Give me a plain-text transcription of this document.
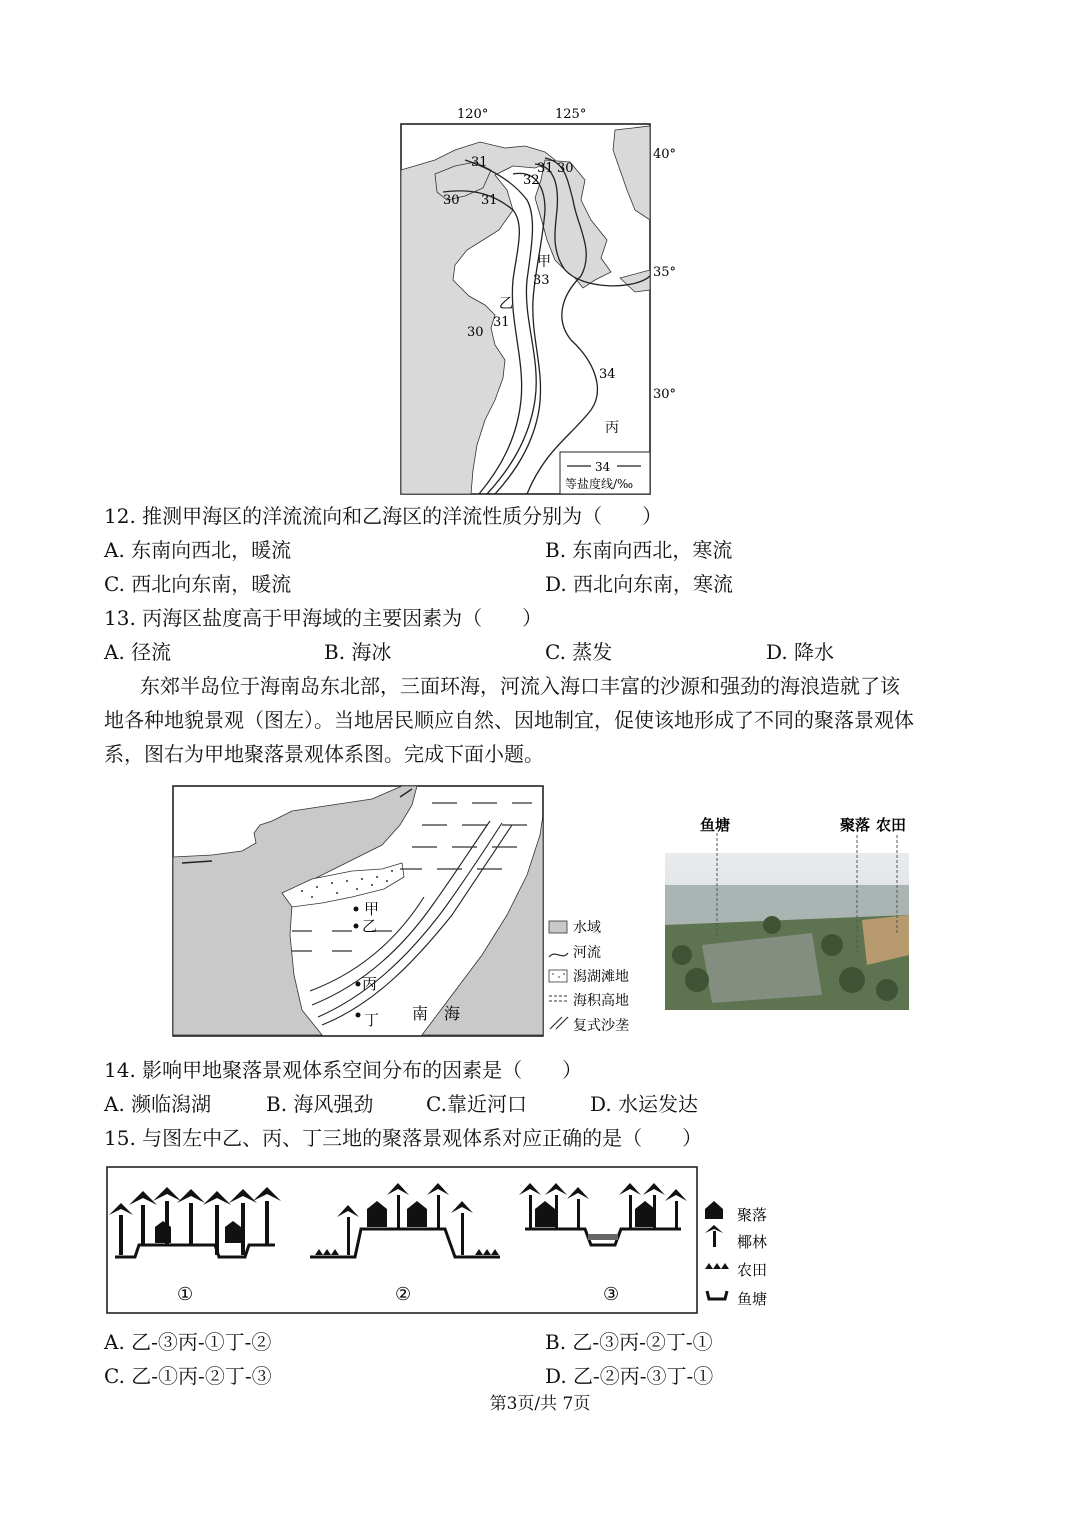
120°	125°
40°
35°
30°
31
30 31
31
32
30
33
31
30
34
甲
乙
丙
34
等盐度线/‰
12. 推测甲海区的洋流流向和乙海区的洋流性质分别为（　　）
A. 东南向西北，暖流	B. 东南向西北，寒流
C. 西北向东南，暖流	D. 西北向东南，寒流
13. 丙海区盐度高于甲海域的主要因素为（　　）
A. 径流	B. 海冰	C. 蒸发	D. 降水
东郊半岛位于海南岛东北部，三面环海，河流入海口丰富的沙源和强劲的海浪造就了该
地各种地貌景观（图左）。当地居民顺应自然、因地制宜，促使该地形成了不同的聚落景观体
系，图右为甲地聚落景观体系图。完成下面小题。
甲
乙
丙
丁 南　海
水域
河流
潟湖滩地
海积高地
复式沙垄
鱼塘	聚落 农田
14. 影响甲地聚落景观体系空间分布的因素是（　　）
A. 濒临潟湖	B. 海风强劲	C.靠近河口	D. 水运发达
15. 与图左中乙、丙、丁三地的聚落景观体系对应正确的是（　　）
①	②	③
聚落
椰林
农田
鱼塘
A. 乙-③丙-①丁-②	B. 乙-③丙-②丁-①
C. 乙-①丙-②丁-③	D. 乙-②丙-③丁-①
第3页/共 7页
